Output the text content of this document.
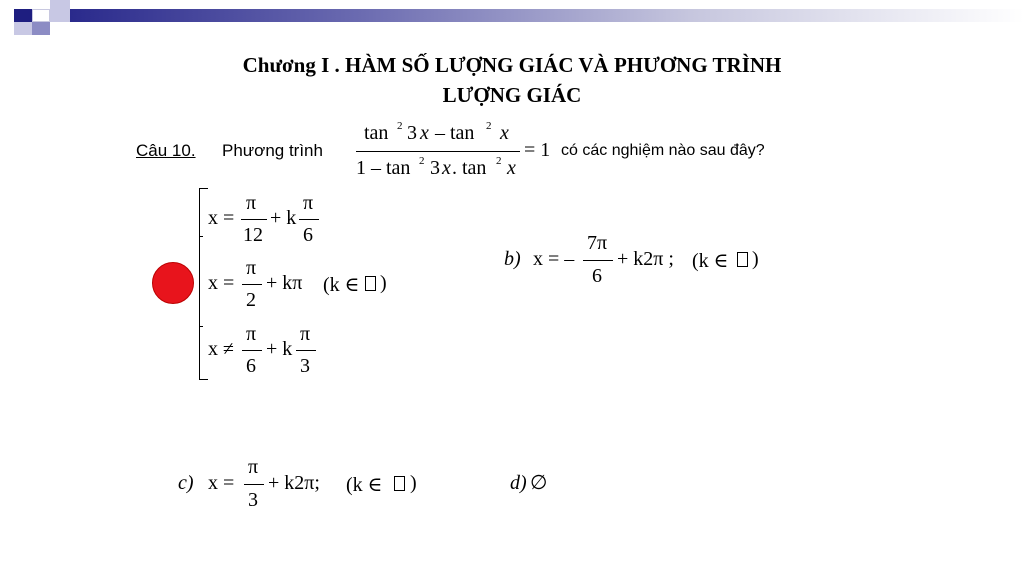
Chương I . HÀM SỐ LƯỢNG GIÁC VÀ PHƯƠNG TRÌNH
LƯỢNG GIÁC
Câu 10. Phương trình
tan 2 3 x – tan 2 x
1 – tan 2 3 x . tan 2 x
= 1 có các nghiệm nào sau đây?
x =
π
12
+ k
π
6
x =
π
2
+ kπ (k ∈ )
x ≠
π
6
+ k
π
3
b) x = –
7π
6
+ k2π ; (k ∈ )
c) x =
π
3
+ k2π; (k ∈ )	d) ∅
